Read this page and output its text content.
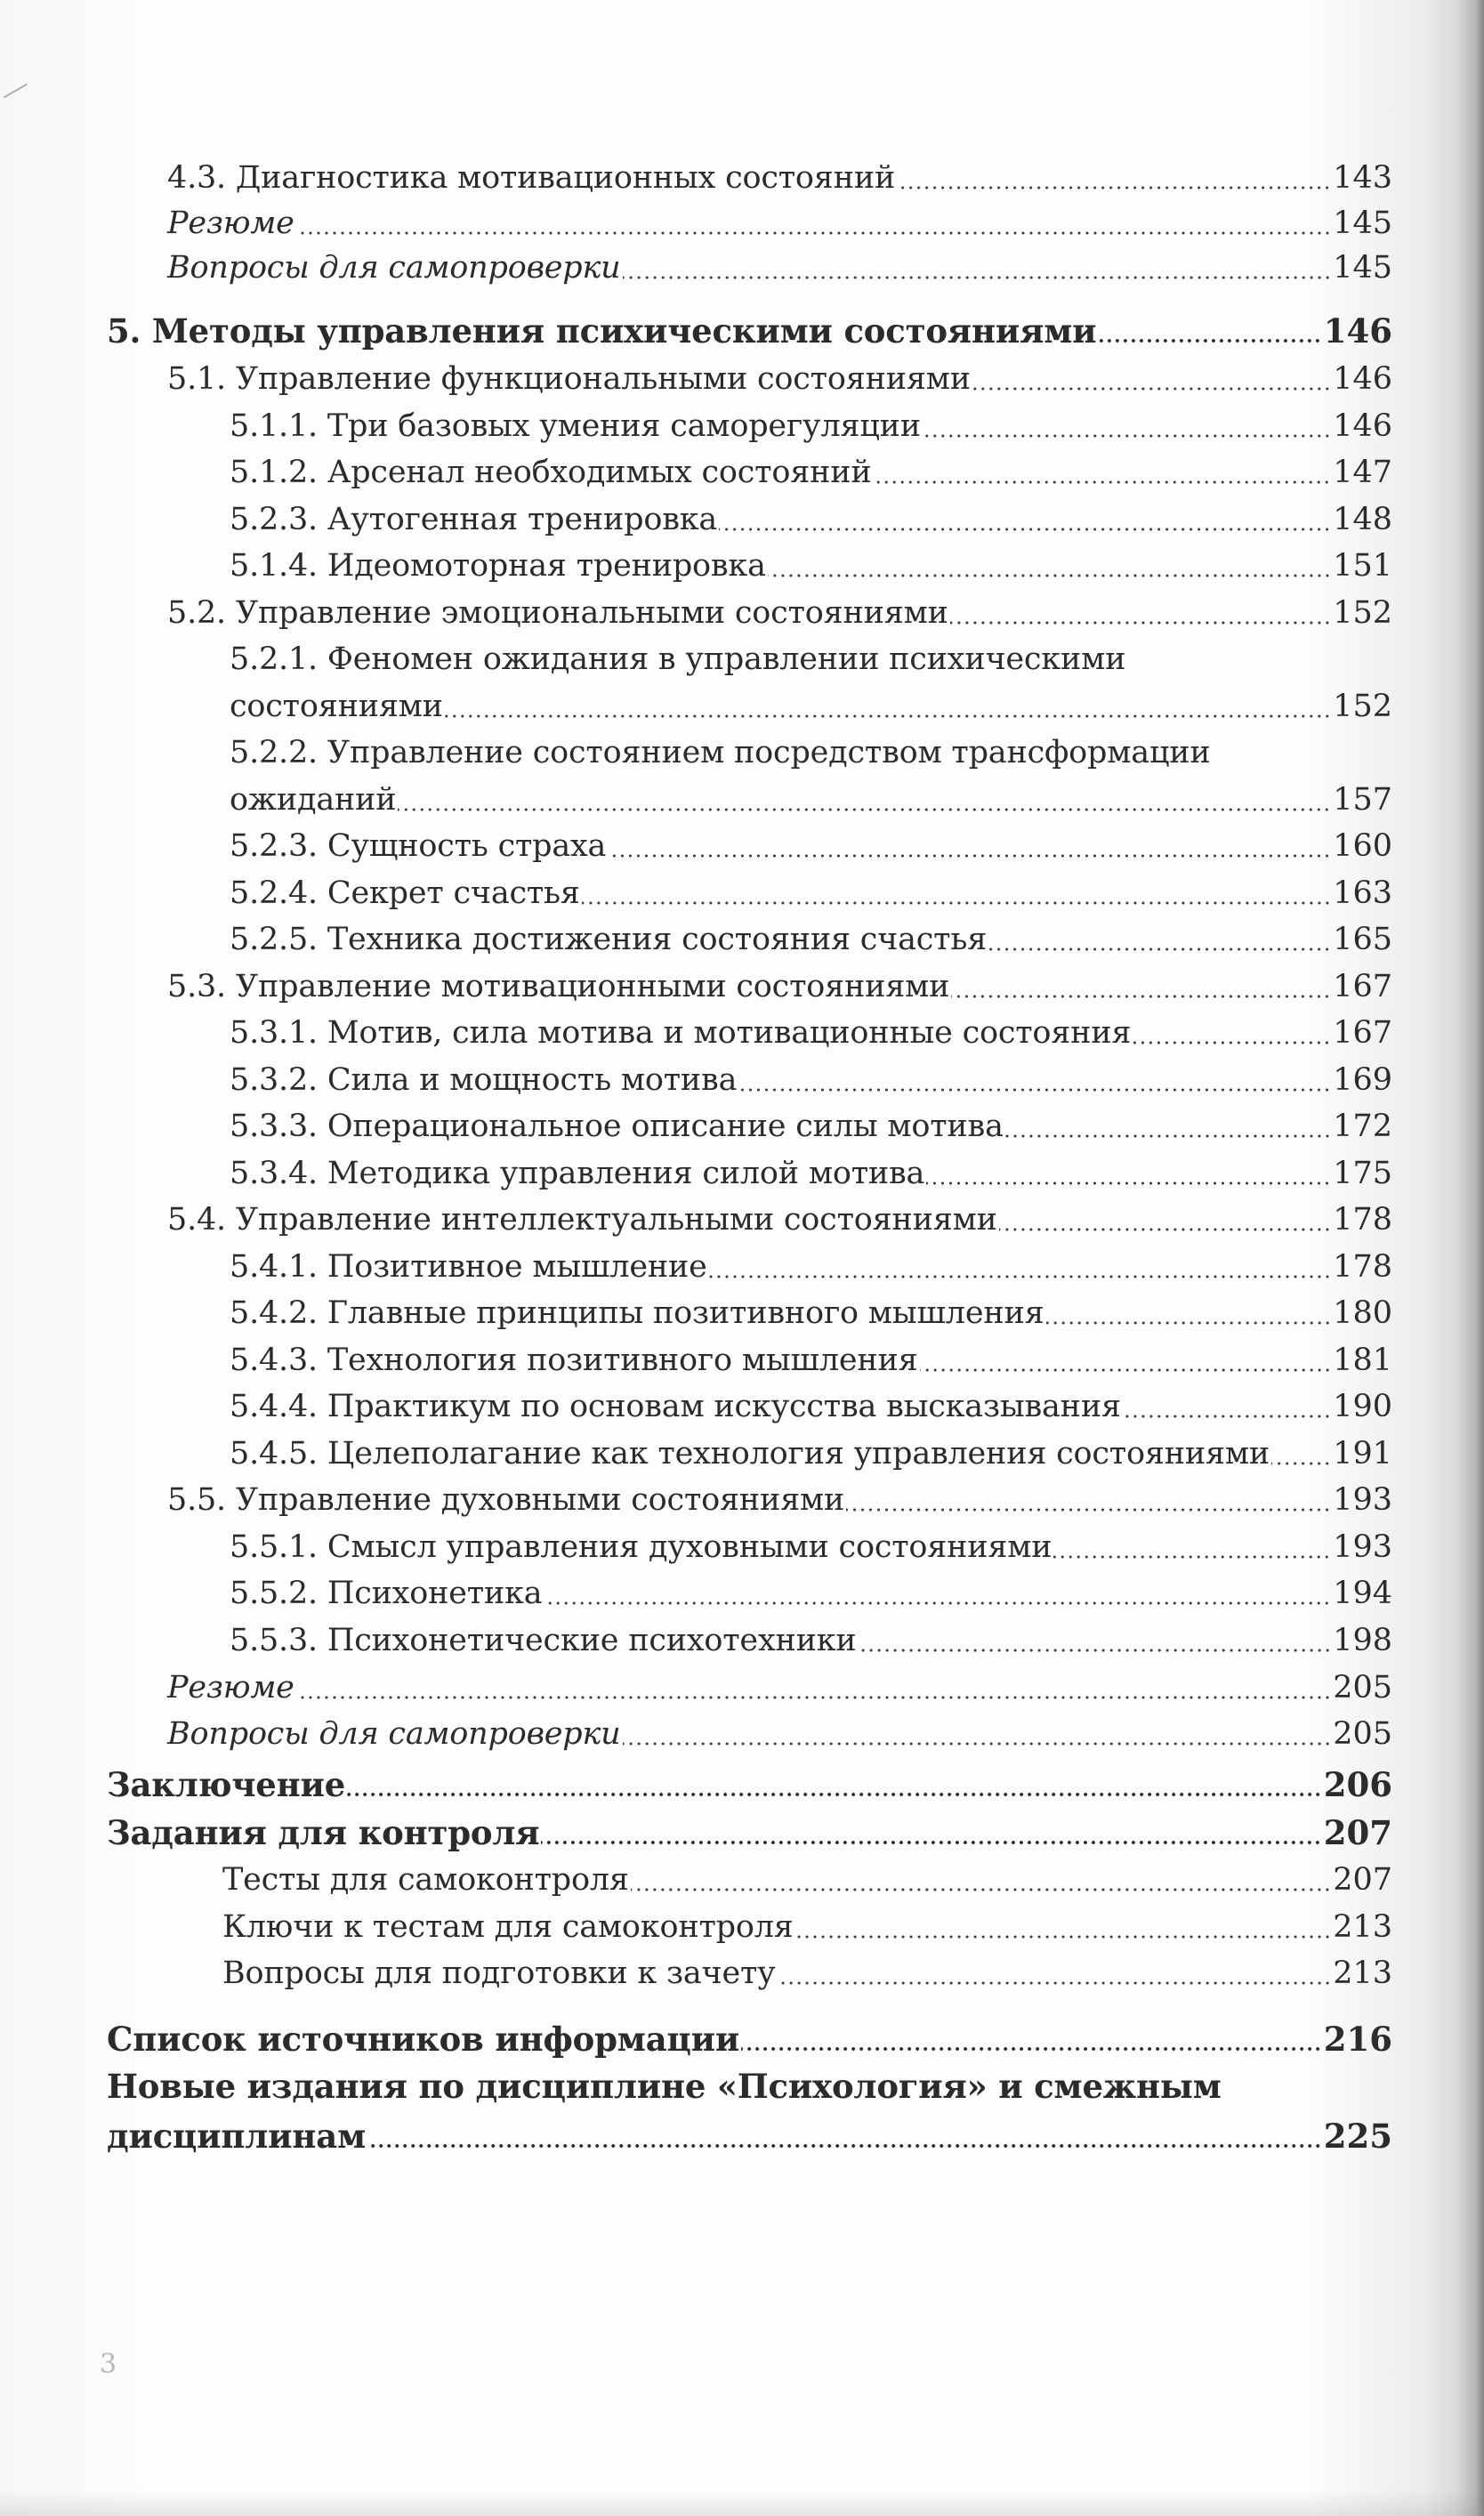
4.3. Диагностика мотивационных состояний	143
Резюме	145
Вопросы для самопроверки	145
5. Методы управления психическими состояниями	146
5.1. Управление функциональными состояниями	146
5.1.1. Три базовых умения саморегуляции	146
5.1.2. Арсенал необходимых состояний	147
5.2.3. Аутогенная тренировка	148
5.1.4. Идеомоторная тренировка	151
5.2. Управление эмоциональными состояниями	152
5.2.1. Феномен ожидания в управлении психическими
состояниями	152
5.2.2. Управление состоянием посредством трансформации
ожиданий	157
5.2.3. Сущность страха	160
5.2.4. Секрет счастья	163
5.2.5. Техника достижения состояния счастья	165
5.3. Управление мотивационными состояниями	167
5.3.1. Мотив, сила мотива и мотивационные состояния	167
5.3.2. Сила и мощность мотива	169
5.3.3. Операциональное описание силы мотива	172
5.3.4. Методика управления силой мотива	175
5.4. Управление интеллектуальными состояниями	178
5.4.1. Позитивное мышление	178
5.4.2. Главные принципы позитивного мышления	180
5.4.3. Технология позитивного мышления	181
5.4.4. Практикум по основам искусства высказывания	190
5.4.5. Целеполагание как технология управления состояниями 191
5.5. Управление духовными состояниями	193
5.5.1. Смысл управления духовными состояниями	193
5.5.2. Психонетика	194
5.5.3. Психонетические психотехники	198
Резюме	205
Вопросы для самопроверки	205
Заключение	206
Задания для контроля	207
Тесты для самоконтроля	207
Ключи к тестам для самоконтроля	213
Вопросы для подготовки к зачету	213
Список источников информации	216
Новые издания по дисциплине «Психология» и смежным
дисциплинам	225
3
